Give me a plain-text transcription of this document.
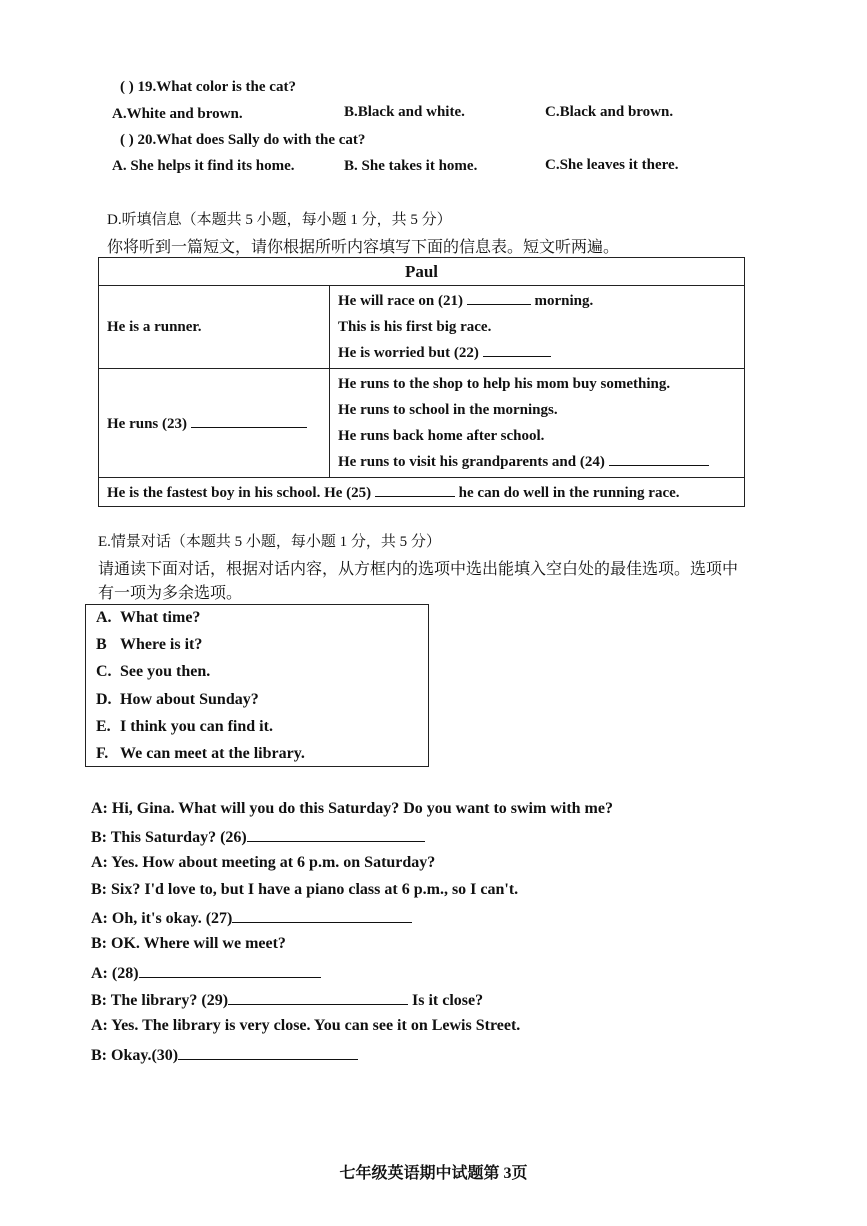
( ) 19.What color is the cat?
A.White and brown.	B.Black and white.	C.Black and brown.
( ) 20.What does Sally do with the cat?
A. She helps it find its home.	B. She takes it home.	C.She leaves it there.
D.听填信息（本题共 5 小题，每小题 1 分，共 5 分）
你将听到一篇短文，请你根据所听内容填写下面的信息表。短文听两遍。
Paul	
He is a runner.	He will race on (21) morning.
This is his first big race.
He is worried but (22)

He runs (23)	He runs to the shop to help his mom buy something.
He runs to school in the mornings.
He runs back home after school.
He runs to visit his grandparents and (24)

He is the fastest boy in his school. He (25) he can do well in the running race.	
E.情景对话（本题共 5 小题，每小题 1 分，共 5 分）
请通读下面对话，根据对话内容，从方框内的选项中选出能填入空白处的最佳选项。选项中
有一项为多余选项。
A. What time?
B Where is it?
C. See you then.
D. How about Sunday?
E. I think you can find it.
F. We can meet at the library.
A: Hi, Gina. What will you do this Saturday? Do you want to swim with me?
B: This Saturday? (26)
A: Yes. How about meeting at 6 p.m. on Saturday?
B: Six? I'd love to, but I have a piano class at 6 p.m., so I can't.
A: Oh, it's okay. (27)
B: OK. Where will we meet?
A: (28)
B: The library? (29)	Is it close?
A: Yes. The library is very close. You can see it on Lewis Street.
B: Okay.(30)
七年级英语期中试题第 3页
